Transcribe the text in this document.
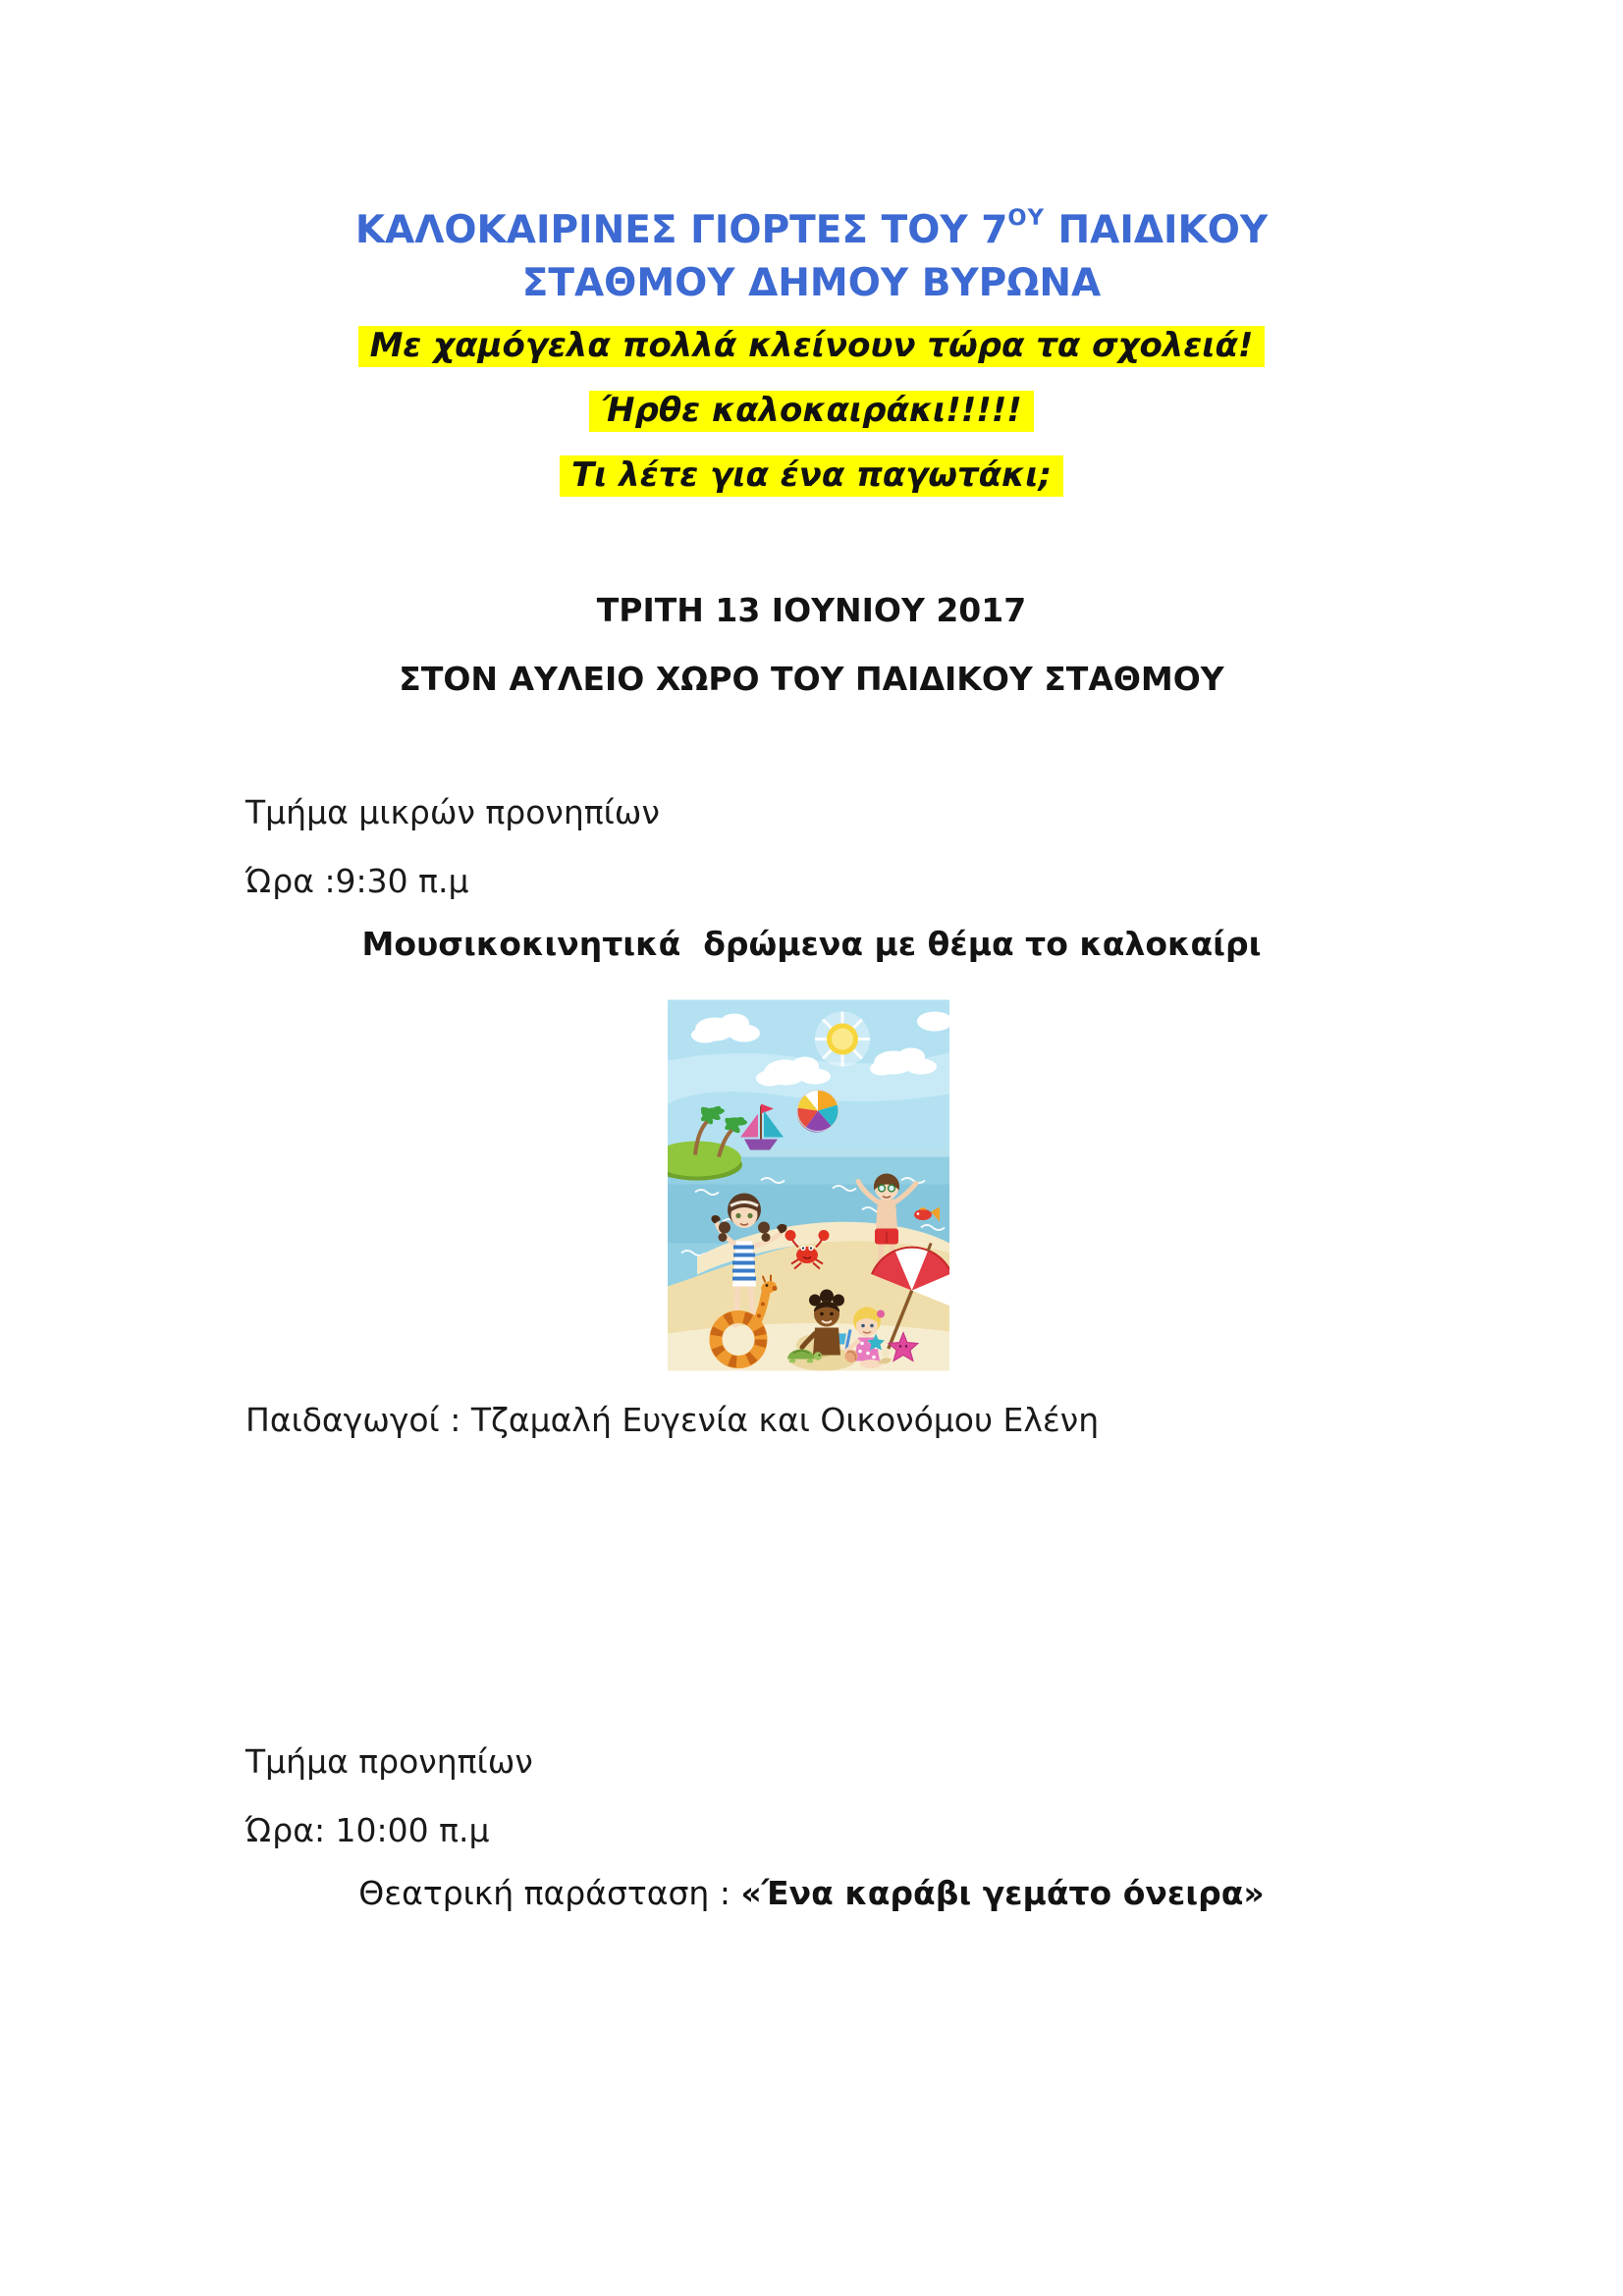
ΚΑΛΟΚΑΙΡΙΝΕΣ ΓΙΟΡΤΕΣ ΤΟΥ $7^{O\Upsilon}$ ΠΑΙΔΙΚΟΥ
ΣΤΑΘΜΟΥ ΔΗΜΟΥ ΒΥΡΩΝΑ

Με χαμόγελα πολλά κλείνουν τώρα τα σχολειά!

Ήρθε καλοκαιράκι!!!!!

Τι λέτε για ένα παγωτάκι;

ΤΡΙΤΗ 13 ΙΟΥΝΙΟΥ 2017

ΣΤΟΝ ΑΥΛΕΙΟ ΧΩΡΟ ΤΟΥ ΠΑΙΔΙΚΟΥ ΣΤΑΘΜΟΥ

Τμήμα μικρών προνηπίων

Ώρα :9:30 π.μ

Μουσικοκινητικά  δρώμενα με θέμα το καλοκαίρι

Παιδαγωγοί : Τζαμαλή Ευγενία και Οικονόμου Ελένη

Τμήμα προνηπίων

Ώρα: 10:00 π.μ

Θεατρική παράσταση : «Ένα καράβι γεμάτο όνειρα»
